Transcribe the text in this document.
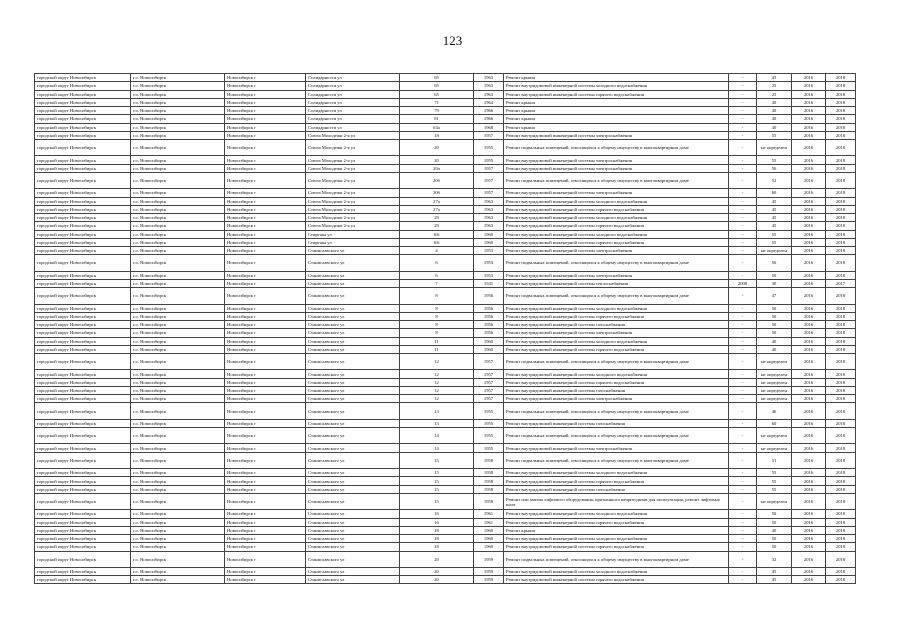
123
городской округ Новосибирск	г.о. Новосибирск	Новосибирск г	Солидарности ул	65	1963	Ремонт крыши	-	45	2016	2018
городской округ Новосибирск	г.о. Новосибирск	Новосибирск г	Солидарности ул	65	1963	Ремонт внутридомовой инженерной системы холодного водоснабжения	-	25	2016	2018
городской округ Новосибирск	г.о. Новосибирск	Новосибирск г	Солидарности ул	65	1963	Ремонт внутридомовой инженерной системы горячего водоснабжения	-	25	2016	2018
городской округ Новосибирск	г.о. Новосибирск	Новосибирск г	Солидарности ул	71	1964	Ремонт крыши	-	40	2016	2018
городской округ Новосибирск	г.о. Новосибирск	Новосибирск г	Солидарности ул	79	1966	Ремонт крыши	-	40	2016	2018
городской округ Новосибирск	г.о. Новосибирск	Новосибирск г	Солидарности ул	81	1966	Ремонт крыши	-	40	2016	2018
городской округ Новосибирск	г.о. Новосибирск	Новосибирск г	Солидарности ул	63а	1968	Ремонт крыши	-	40	2016	2018
городской округ Новосибирск	г.о. Новосибирск	Новосибирск г	Союза Молодежи 2-я ул	18	1957	Ремонт внутридомовой инженерной системы электроснабжения	-	55	2016	2018
городской округ Новосибирск	г.о. Новосибирск	Новосибирск г	Союза Молодежи 2-я ул	20	1955	Ремонт подвальных помещений, относящихся к общему имуществу в многоквартирном доме	-	не определен	2016	2018
городской округ Новосибирск	г.о. Новосибирск	Новосибирск г	Союза Молодежи 2-я ул	20	1955	Ремонт внутридомовой инженерной системы электроснабжения	-	55	2016	2018
городской округ Новосибирск	г.о. Новосибирск	Новосибирск г	Союза Молодежи 2-я ул	20а	1957	Ремонт внутридомовой инженерной системы электроснабжения	-	50	2016	2018
городской округ Новосибирск	г.о. Новосибирск	Новосибирск г	Союза Молодежи 2-я ул	20б	1957	Ремонт подвальных помещений, относящихся к общему имуществу в многоквартирном доме	-	52	2016	2018
городской округ Новосибирск	г.о. Новосибирск	Новосибирск г	Союза Молодежи 2-я ул	20б	1957	Ремонт внутридомовой инженерной системы электроснабжения	-	60	2016	2018
городской округ Новосибирск	г.о. Новосибирск	Новосибирск г	Союза Молодежи 2-я ул	27а	1963	Ремонт внутридомовой инженерной системы холодного водоснабжения	-	45	2016	2018
городской округ Новосибирск	г.о. Новосибирск	Новосибирск г	Союза Молодежи 2-я ул	27а	1963	Ремонт внутридомовой инженерной системы горячего водоснабжения	-	45	2016	2018
городской округ Новосибирск	г.о. Новосибирск	Новосибирск г	Союза Молодежи 2-я ул	29	1963	Ремонт внутридомовой инженерной системы холодного водоснабжения	-	45	2016	2018
городской округ Новосибирск	г.о. Новосибирск	Новосибирск г	Союза Молодежи 2-я ул	29	1963	Ремонт внутридомовой инженерной системы горячего водоснабжения	-	45	2016	2018
городской округ Новосибирск	г.о. Новосибирск	Новосибирск г	Спартака ул	8/6	1960	Ремонт внутридомовой инженерной системы холодного водоснабжения	-	55	2016	2018
городской округ Новосибирск	г.о. Новосибирск	Новосибирск г	Спартака ул	8/6	1960	Ремонт внутридомовой инженерной системы горячего водоснабжения	-	55	2016	2018
городской округ Новосибирск	г.о. Новосибирск	Новосибирск г	Станиславского ул	4	1953	Ремонт внутридомовой инженерной системы электроснабжения	-	не определен	2016	2018
городской округ Новосибирск	г.о. Новосибирск	Новосибирск г	Станиславского ул	6	1953	Ремонт подвальных помещений, относящихся к общему имуществу в многоквартирном доме	-	56	2016	2018
городской округ Новосибирск	г.о. Новосибирск	Новосибирск г	Станиславского ул	6	1953	Ремонт внутридомовой инженерной системы электроснабжения	-	50	2016	2018
городской округ Новосибирск	г.о. Новосибирск	Новосибирск г	Станиславского ул	7	1941	Ремонт внутридомовой инженерной системы теплоснабжения	2008	30	2016	2017
городской округ Новосибирск	г.о. Новосибирск	Новосибирск г	Станиславского ул	8	1956	Ремонт подвальных помещений, относящихся к общему имуществу в многоквартирном доме	-	47	2016	2018
городской округ Новосибирск	г.о. Новосибирск	Новосибирск г	Станиславского ул	8	1956	Ремонт внутридомовой инженерной системы холодного водоснабжения	-	50	2016	2018
городской округ Новосибирск	г.о. Новосибирск	Новосибирск г	Станиславского ул	8	1956	Ремонт внутридомовой инженерной системы горячего водоснабжения	-	50	2016	2018
городской округ Новосибирск	г.о. Новосибирск	Новосибирск г	Станиславского ул	8	1956	Ремонт внутридомовой инженерной системы газоснабжения	-	50	2016	2018
городской округ Новосибирск	г.о. Новосибирск	Новосибирск г	Станиславского ул	8	1956	Ремонт внутридомовой инженерной системы электроснабжения	-	50	2016	2018
городской округ Новосибирск	г.о. Новосибирск	Новосибирск г	Станиславского ул	11	1960	Ремонт внутридомовой инженерной системы холодного водоснабжения	-	40	2016	2018
городской округ Новосибирск	г.о. Новосибирск	Новосибирск г	Станиславского ул	11	1960	Ремонт внутридомовой инженерной системы горячего водоснабжения	-	40	2016	2018
городской округ Новосибирск	г.о. Новосибирск	Новосибирск г	Станиславского ул	12	1957	Ремонт подвальных помещений, относящихся к общему имуществу в многоквартирном доме	-	не определен	2016	2018
городской округ Новосибирск	г.о. Новосибирск	Новосибирск г	Станиславского ул	12	1957	Ремонт внутридомовой инженерной системы холодного водоснабжения	-	не определен	2016	2018
городской округ Новосибирск	г.о. Новосибирск	Новосибирск г	Станиславского ул	12	1957	Ремонт внутридомовой инженерной системы горячего водоснабжения	-	не определен	2016	2018
городской округ Новосибирск	г.о. Новосибирск	Новосибирск г	Станиславского ул	12	1957	Ремонт внутридомовой инженерной системы газоснабжения	-	не определен	2016	2018
городской округ Новосибирск	г.о. Новосибирск	Новосибирск г	Станиславского ул	12	1957	Ремонт внутридомовой инженерной системы электроснабжения	-	не определен	2016	2018
городской округ Новосибирск	г.о. Новосибирск	Новосибирск г	Станиславского ул	13	1955	Ремонт подвальных помещений, относящихся к общему имуществу в многоквартирном доме	-	46	2016	2018
городской округ Новосибирск	г.о. Новосибирск	Новосибирск г	Станиславского ул	13	1955	Ремонт внутридомовой инженерной системы газоснабжения	-	60	2016	2018
городской округ Новосибирск	г.о. Новосибирск	Новосибирск г	Станиславского ул	14	1955	Ремонт подвальных помещений, относящихся к общему имуществу в многоквартирном доме	-	не определен	2016	2018
городской округ Новосибирск	г.о. Новосибирск	Новосибирск г	Станиславского ул	14	1955	Ремонт внутридомовой инженерной системы электроснабжения	-	не определен	2016	2018
городской округ Новосибирск	г.о. Новосибирск	Новосибирск г	Станиславского ул	15	1958	Ремонт подвальных помещений, относящихся к общему имуществу в многоквартирном доме	-	51	2016	2018
городской округ Новосибирск	г.о. Новосибирск	Новосибирск г	Станиславского ул	15	1958	Ремонт внутридомовой инженерной системы холодного водоснабжения	-	55	2016	2018
городской округ Новосибирск	г.о. Новосибирск	Новосибирск г	Станиславского ул	15	1958	Ремонт внутридомовой инженерной системы горячего водоснабжения	-	55	2016	2018
городской округ Новосибирск	г.о. Новосибирск	Новосибирск г	Станиславского ул	15	1958	Ремонт внутридомовой инженерной системы газоснабжения	-	55	2016	2018
городской округ Новосибирск	г.о. Новосибирск	Новосибирск г	Станиславского ул	15	1958	Ремонт или замена лифтового оборудования, признанного непригодным для эксплуатации, ремонт лифтовых шахт	-	не определен	2016	2018
городской округ Новосибирск	г.о. Новосибирск	Новосибирск г	Станиславского ул	16	1961	Ремонт внутридомовой инженерной системы холодного водоснабжения	-	50	2016	2018
городской округ Новосибирск	г.о. Новосибирск	Новосибирск г	Станиславского ул	16	1961	Ремонт внутридомовой инженерной системы горячего водоснабжения	-	50	2016	2018
городской округ Новосибирск	г.о. Новосибирск	Новосибирск г	Станиславского ул	18	1960	Ремонт крыши	-	40	2016	2018
городской округ Новосибирск	г.о. Новосибирск	Новосибирск г	Станиславского ул	18	1960	Ремонт внутридомовой инженерной системы холодного водоснабжения	-	50	2016	2018
городской округ Новосибирск	г.о. Новосибирск	Новосибирск г	Станиславского ул	18	1960	Ремонт внутридомовой инженерной системы горячего водоснабжения	-	50	2016	2018
городской округ Новосибирск	г.о. Новосибирск	Новосибирск г	Станиславского ул	20	1959	Ремонт подвальных помещений, относящихся к общему имуществу в многоквартирном доме	-	32	2016	2018
городской округ Новосибирск	г.о. Новосибирск	Новосибирск г	Станиславского ул	20	1959	Ремонт внутридомовой инженерной системы холодного водоснабжения	-	45	2016	2018
городской округ Новосибирск	г.о. Новосибирск	Новосибирск г	Станиславского ул	20	1959	Ремонт внутридомовой инженерной системы горячего водоснабжения	-	45	2016	2018
